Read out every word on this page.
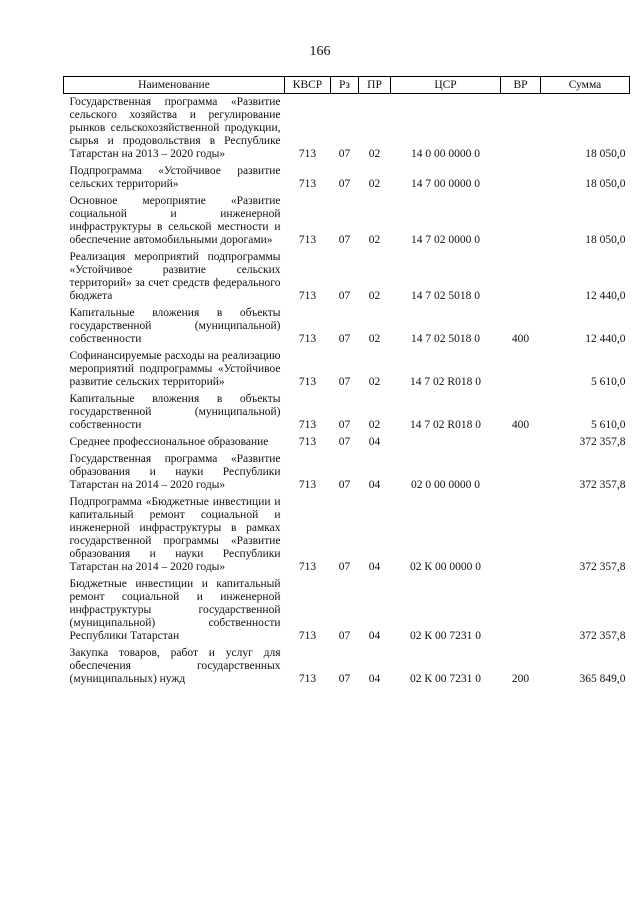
166
Наименование	КВСР	Рз	ПР	ЦСР	ВР	Сумма
Государственная программа «Развитие сельского хозяйства и регулирование рынков сельскохозяйственной продукции, сырья и продовольствия в Республике Татарстан на 2013 – 2020 годы»	713	07	02	14 0 00 0000 0		18 050,0
Подпрограмма «Устойчивое развитие сельских территорий»	713	07	02	14 7 00 0000 0		18 050,0
Основное мероприятие «Развитие социальной и инженерной инфраструктуры в сельской местности и обеспечение автомобильными дорогами»	713	07	02	14 7 02 0000 0		18 050,0
Реализация мероприятий подпрограммы «Устойчивое развитие сельских территорий» за счет средств федерального бюджета	713	07	02	14 7 02 5018 0		12 440,0
Капитальные вложения в объекты государственной (муниципальной) собственности	713	07	02	14 7 02 5018 0	400	12 440,0
Софинансируемые расходы на реализацию мероприятий подпрограммы «Устойчивое развитие сельских территорий»	713	07	02	14 7 02 R018 0		5 610,0
Капитальные вложения в объекты государственной (муниципальной) собственности	713	07	02	14 7 02 R018 0	400	5 610,0
Среднее профессиональное образование	713	07	04			372 357,8
Государственная программа «Развитие образования и науки Республики Татарстан на 2014 – 2020 годы»	713	07	04	02 0 00 0000 0		372 357,8
Подпрограмма «Бюджетные инвестиции и капитальный ремонт социальной и инженерной инфраструктуры в рамках государственной программы «Развитие образования и науки Республики Татарстан на 2014 – 2020 годы»	713	07	04	02 К 00 0000 0		372 357,8
Бюджетные инвестиции и капитальный ремонт социальной и инженерной инфраструктуры государственной (муниципальной) собственности Республики Татарстан	713	07	04	02 К 00 7231 0		372 357,8
Закупка товаров, работ и услуг для обеспечения государственных (муниципальных) нужд	713	07	04	02 К 00 7231 0	200	365 849,0
